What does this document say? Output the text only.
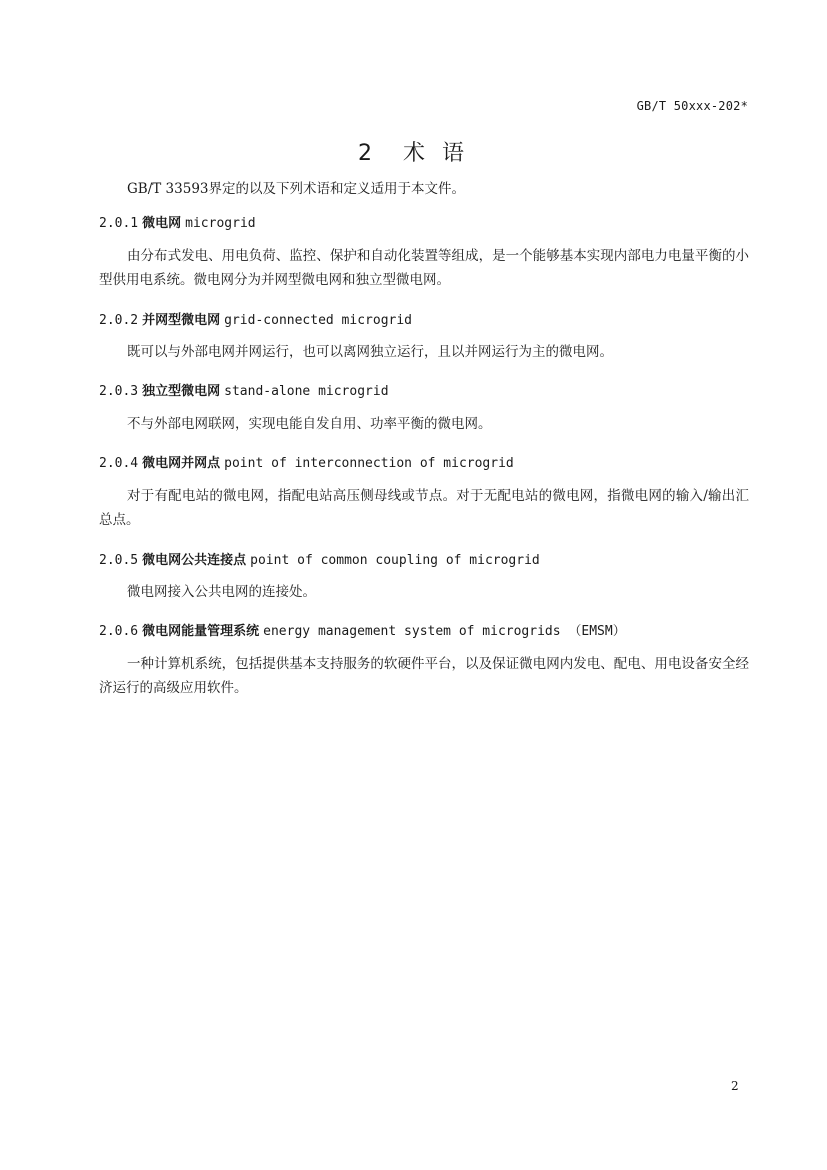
GB/T 50xxx-202*
2 术 语
GB/T 33593界定的以及下列术语和定义适用于本文件。
2.0.1 微电网 microgrid
由分布式发电、用电负荷、监控、保护和自动化装置等组成，是一个能够基本实现内部电力电量平衡的小型供用电系统。微电网分为并网型微电网和独立型微电网。
2.0.2 并网型微电网 grid-connected microgrid
既可以与外部电网并网运行，也可以离网独立运行，且以并网运行为主的微电网。
2.0.3 独立型微电网 stand-alone microgrid
不与外部电网联网，实现电能自发自用、功率平衡的微电网。
2.0.4 微电网并网点 point of interconnection of microgrid
对于有配电站的微电网，指配电站高压侧母线或节点。对于无配电站的微电网，指微电网的输入/输出汇总点。
2.0.5 微电网公共连接点 point of common coupling of microgrid
微电网接入公共电网的连接处。
2.0.6 微电网能量管理系统 energy management system of microgrids （EMSM）
一种计算机系统，包括提供基本支持服务的软硬件平台，以及保证微电网内发电、配电、用电设备安全经济运行的高级应用软件。
2
